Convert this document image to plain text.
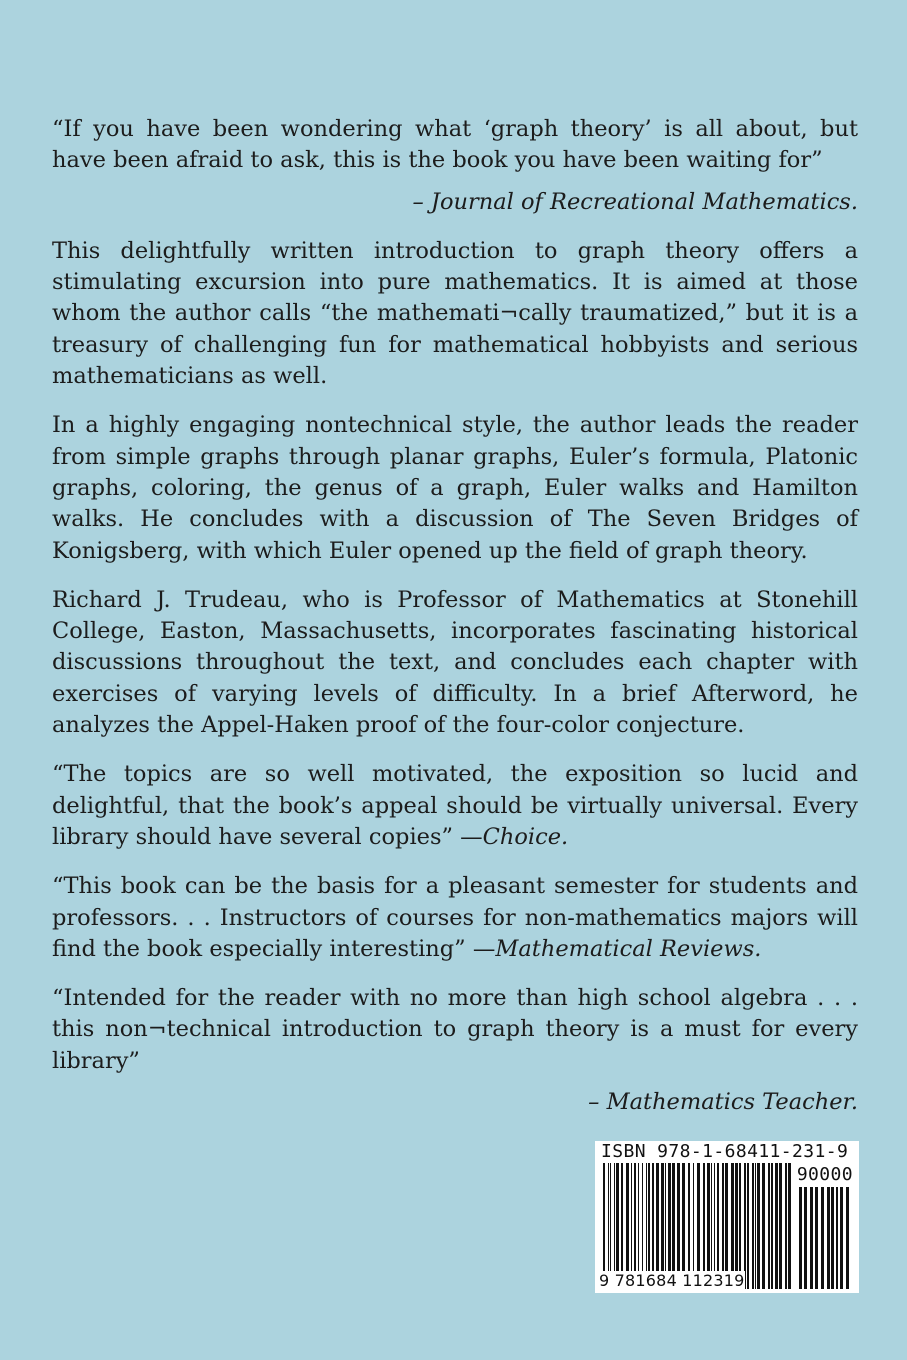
“If you have been wondering what ‘graph theory’ is all about, but have been afraid to ask, this is the book you have been waiting for”

– Journal of Recreational Mathematics.

This delightfully written introduction to graph theory offers a stimulating excursion into pure mathematics. It is aimed at those whom the author calls “the mathemati¬cally traumatized,” but it is a treasury of challenging fun for mathematical hobbyists and serious mathematicians as well.

In a highly engaging nontechnical style, the author leads the reader from simple graphs through planar graphs, Euler’s formula, Platonic graphs, coloring, the genus of a graph, Euler walks and Hamilton walks. He concludes with a discussion of The Seven Bridges of Konigsberg, with which Euler opened up the field of graph theory.

Richard J. Trudeau, who is Professor of Mathematics at Stonehill College, Easton, Massachusetts, incorporates fascinating historical discussions throughout the text, and concludes each chapter with exercises of varying levels of difficulty. In a brief Afterword, he analyzes the Appel-Haken proof of the four-color conjecture.

“The topics are so well motivated, the exposition so lucid and delightful, that the book’s appeal should be virtually universal. Every library should have several copies” —Choice.

“This book can be the basis for a pleasant semester for students and professors. . . Instructors of courses for non-mathematics majors will find the book especially interesting” —Mathematical Reviews.

“Intended for the reader with no more than high school algebra . . . this non¬technical introduction to graph theory is a must for every library”

– Mathematics Teacher.

ISBN 978-1-68411-231-9
90000
9 781684 112319
